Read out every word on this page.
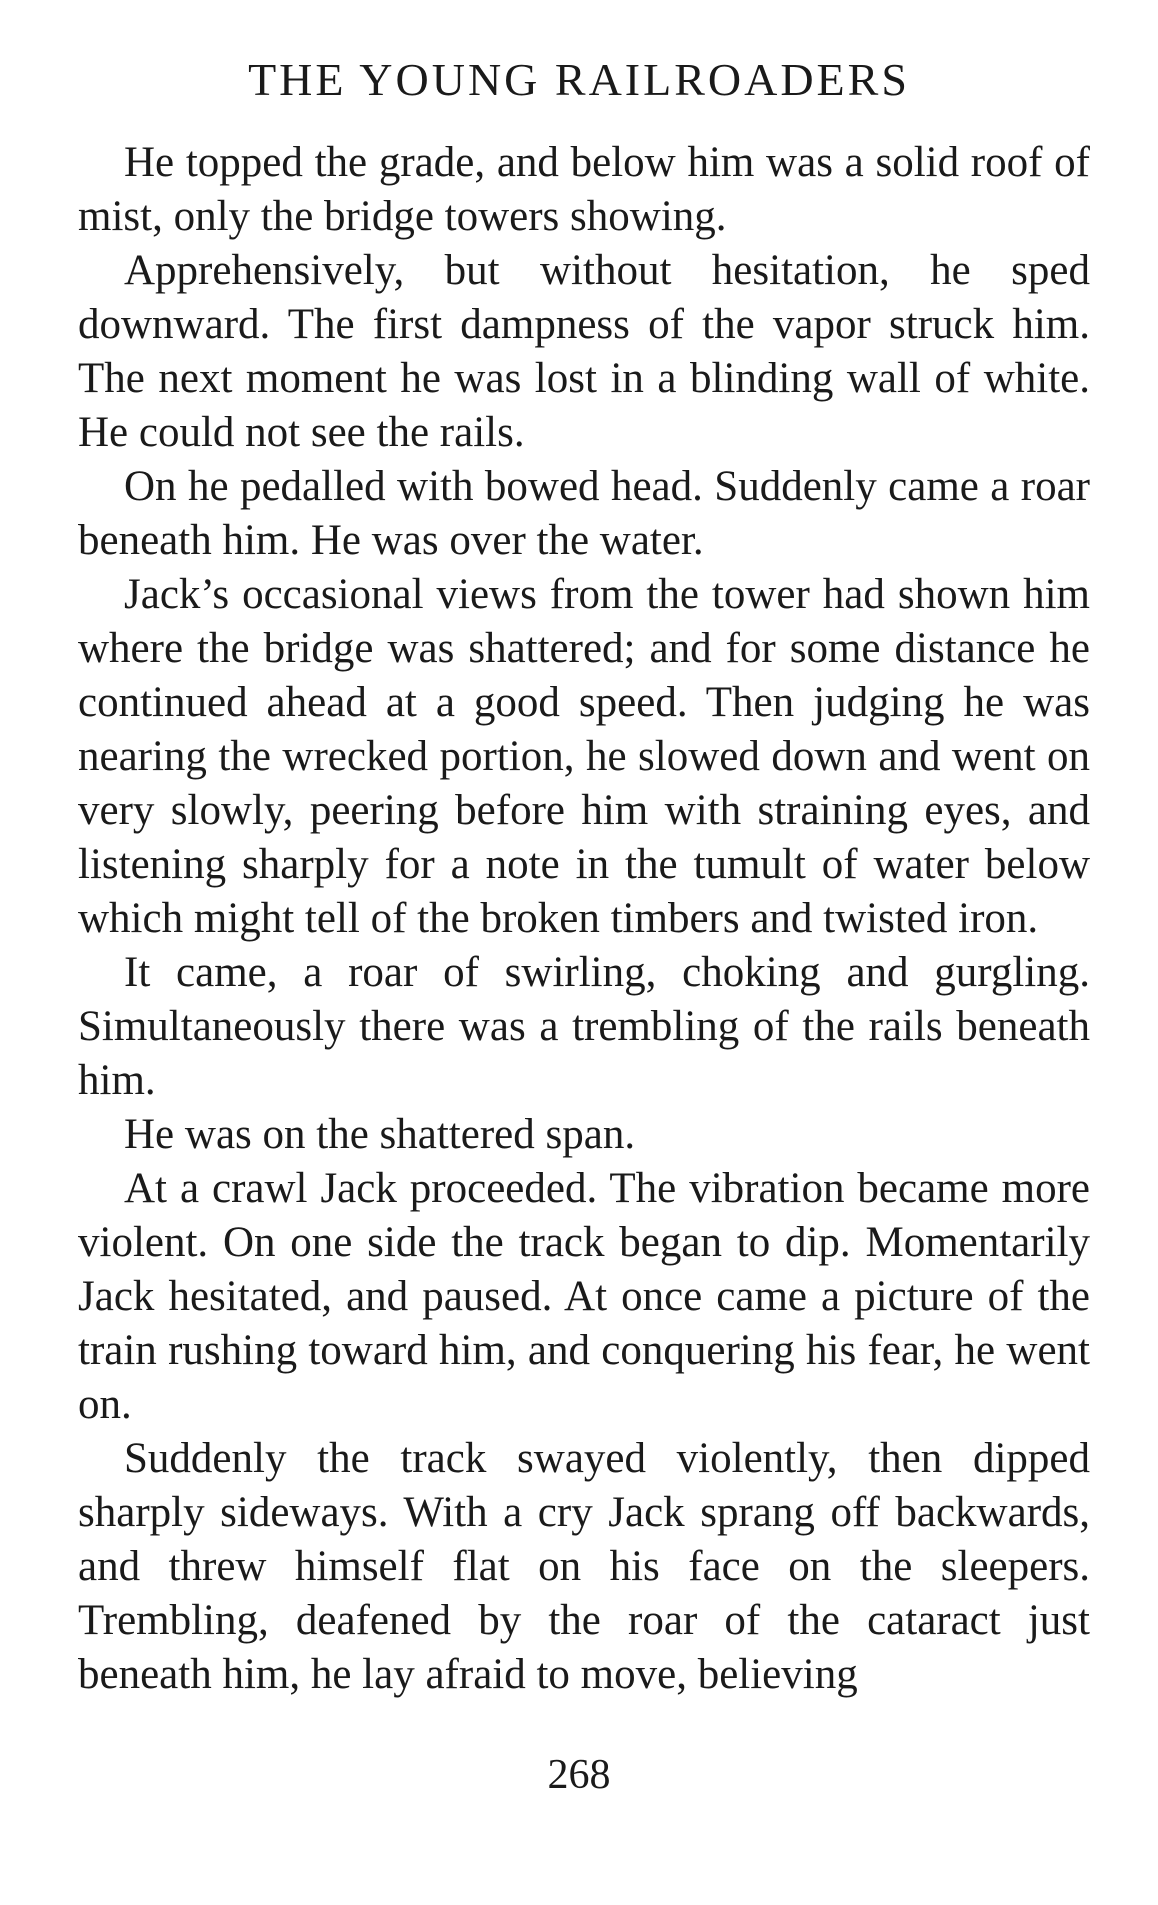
THE YOUNG RAILROADERS

He topped the grade, and below him was a solid roof of mist, only the bridge towers showing.

Apprehensively, but without hesitation, he sped downward. The first dampness of the vapor struck him. The next moment he was lost in a blinding wall of white. He could not see the rails.

On he pedalled with bowed head. Suddenly came a roar beneath him. He was over the water.

Jack’s occasional views from the tower had shown him where the bridge was shattered; and for some distance he continued ahead at a good speed. Then judging he was nearing the wrecked portion, he slowed down and went on very slowly, peering before him with straining eyes, and listening sharply for a note in the tumult of water below which might tell of the broken timbers and twisted iron.

It came, a roar of swirling, choking and gurgling. Simultaneously there was a trembling of the rails beneath him.

He was on the shattered span.

At a crawl Jack proceeded. The vibration became more violent. On one side the track began to dip. Momentarily Jack hesitated, and paused. At once came a picture of the train rushing toward him, and conquering his fear, he went on.

Suddenly the track swayed violently, then dipped sharply sideways. With a cry Jack sprang off backwards, and threw himself flat on his face on the sleepers. Trembling, deafened by the roar of the cataract just beneath him, he lay afraid to move, believing

268
